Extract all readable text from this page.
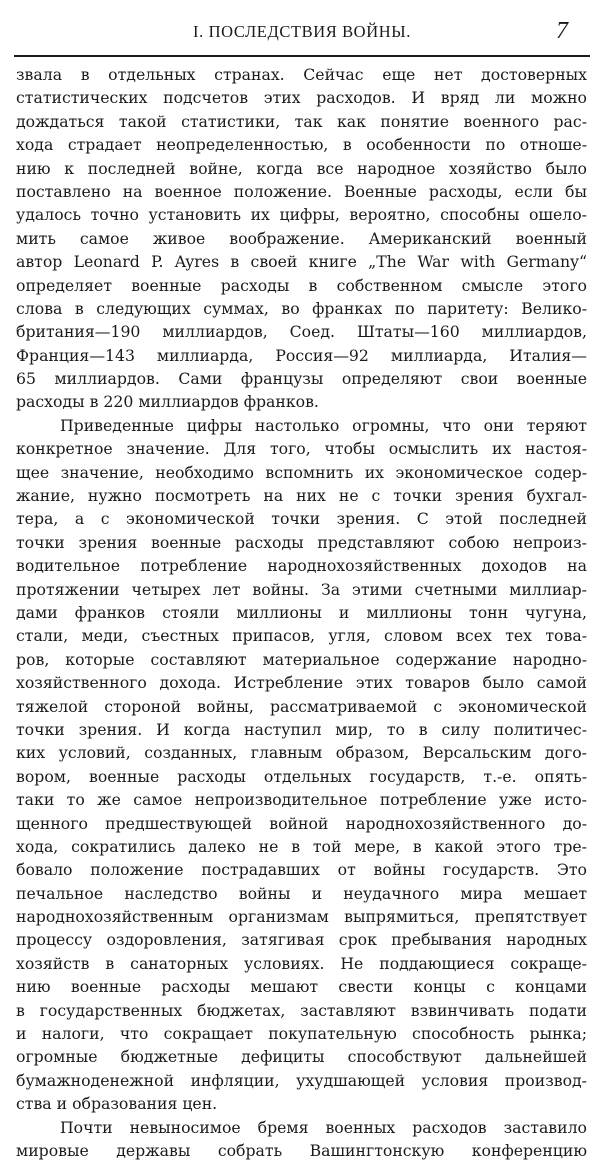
I. ПОСЛЕДСТВИЯ ВОЙНЫ.	7
звала в отдельных странах. Сейчас еще нет достоверных
статистических подсчетов этих расходов. И вряд ли можно
дождаться такой статистики, так как понятие военного рас-
хода страдает неопределенностью, в особенности по отноше-
нию к последней войне, когда все народное хозяйство было
поставлено на военное положение. Военные расходы, если бы
удалось точно установить их цифры, вероятно, способны ошело-
мить самое живое воображение. Американский военный
автор Leonard P. Ayres в своей книге „The War with Germany“
определяет военные расходы в собственном смысле этого
слова в следующих суммах, во франках по паритету: Велико-
британия—190 миллиардов, Соед. Штаты—160 миллиардов,
Франция—143 миллиарда, Россия—92 миллиарда, Италия—
65 миллиардов. Сами французы определяют свои военные
расходы в 220 миллиардов франков.
Приведенные цифры настолько огромны, что они теряют
конкретное значение. Для того, чтобы осмыслить их настоя-
щее значение, необходимо вспомнить их экономическое содер-
жание, нужно посмотреть на них не с точки зрения бухгал-
тера, а с экономической точки зрения. С этой последней
точки зрения военные расходы представляют собою непроиз-
водительное потребление народнохозяйственных доходов на
протяжении четырех лет войны. За этими счетными миллиар-
дами франков стояли миллионы и миллионы тонн чугуна,
стали, меди, съестных припасов, угля, словом всех тех това-
ров, которые составляют материальное содержание народно-
хозяйственного дохода. Истребление этих товаров было самой
тяжелой стороной войны, рассматриваемой с экономической
точки зрения. И когда наступил мир, то в силу политичес-
ких условий, созданных, главным образом, Версальским дого-
вором, военные расходы отдельных государств, т.-е. опять-
таки то же самое непроизводительное потребление уже исто-
щенного предшествующей войной народнохозяйственного до-
хода, сократились далеко не в той мере, в какой этого тре-
бовало положение пострадавших от войны государств. Это
печальное наследство войны и неудачного мира мешает
народнохозяйственным организмам выпрямиться, препятствует
процессу оздоровления, затягивая срок пребывания народных
хозяйств в санаторных условиях. Не поддающиеся сокраще-
нию военные расходы мешают свести концы с концами
в государственных бюджетах, заставляют взвинчивать подати
и налоги, что сокращает покупательную способность рынка;
огромные бюджетные дефициты способствуют дальнейшей
бумажноденежной инфляции, ухудшающей условия производ-
ства и образования цен.
Почти невыносимое бремя военных расходов заставило
мировые державы собрать Вашингтонскую конференцию
